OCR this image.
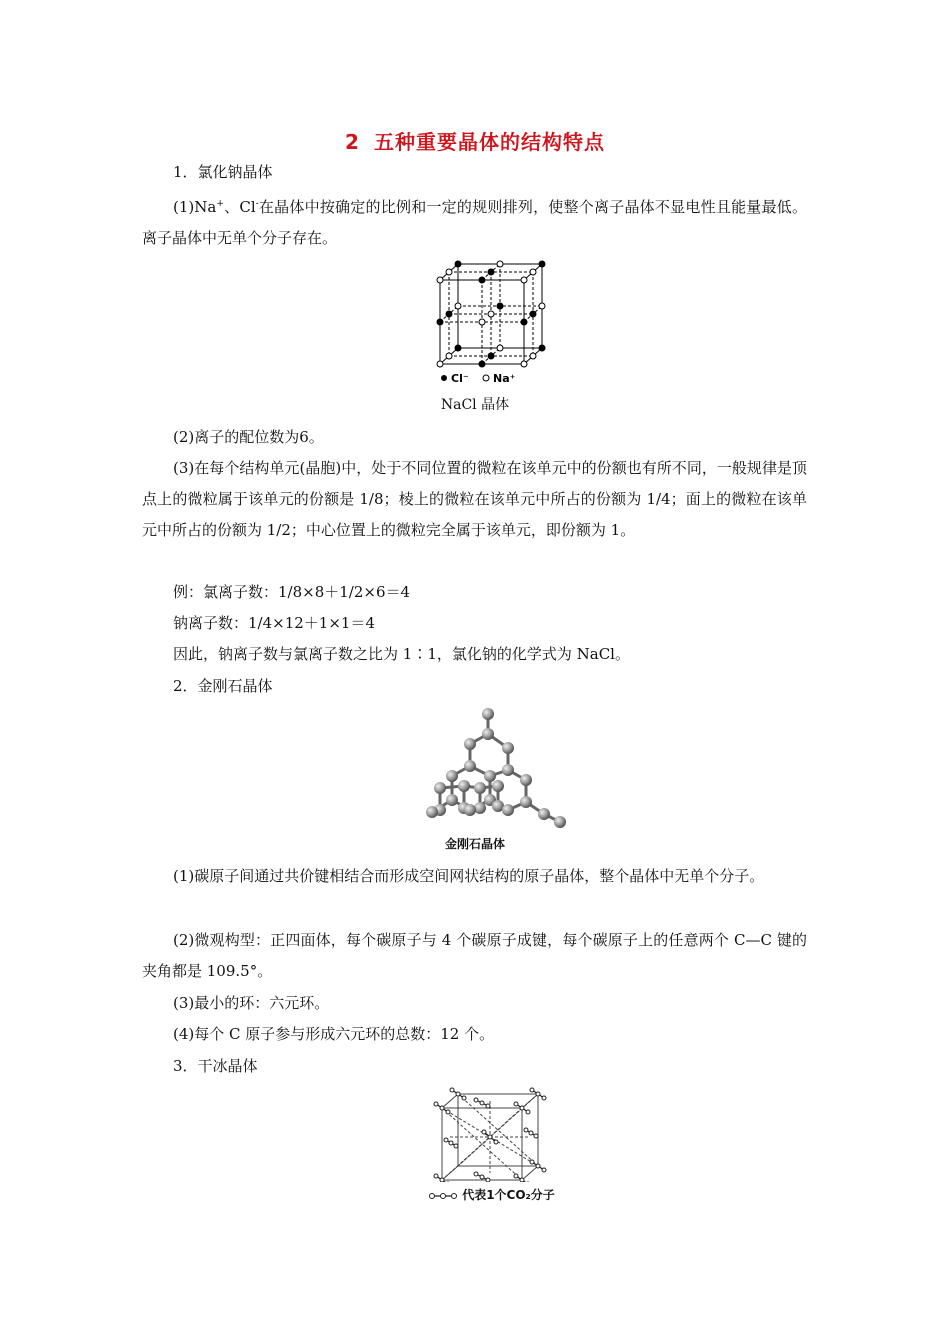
2 五种重要晶体的结构特点
1．氯化钠晶体
(1)Na+、Cl-在晶体中按确定的比例和一定的规则排列，使整个离子晶体不显电性且能量最低。离子晶体中无单个分子存在。
Cl⁻ Na⁺
NaCl 晶体
(2)离子的配位数为6。
(3)在每个结构单元(晶胞)中，处于不同位置的微粒在该单元中的份额也有所不同，一般规律是顶点上的微粒属于该单元的份额是 1/8；棱上的微粒在该单元中所占的份额为 1/4；面上的微粒在该单元中所占的份额为 1/2；中心位置上的微粒完全属于该单元，即份额为 1。
例：氯离子数：1/8×8＋1/2×6＝4
钠离子数：1/4×12＋1×1＝4
因此，钠离子数与氯离子数之比为 1∶1，氯化钠的化学式为 NaCl。
2．金刚石晶体
金刚石晶体
(1)碳原子间通过共价键相结合而形成空间网状结构的原子晶体，整个晶体中无单个分子。
(2)微观构型：正四面体，每个碳原子与 4 个碳原子成键，每个碳原子上的任意两个 C—C 键的夹角都是 109.5°。
(3)最小的环：六元环。
(4)每个 C 原子参与形成六元环的总数：12 个。
3．干冰晶体
代表1个CO₂分子
